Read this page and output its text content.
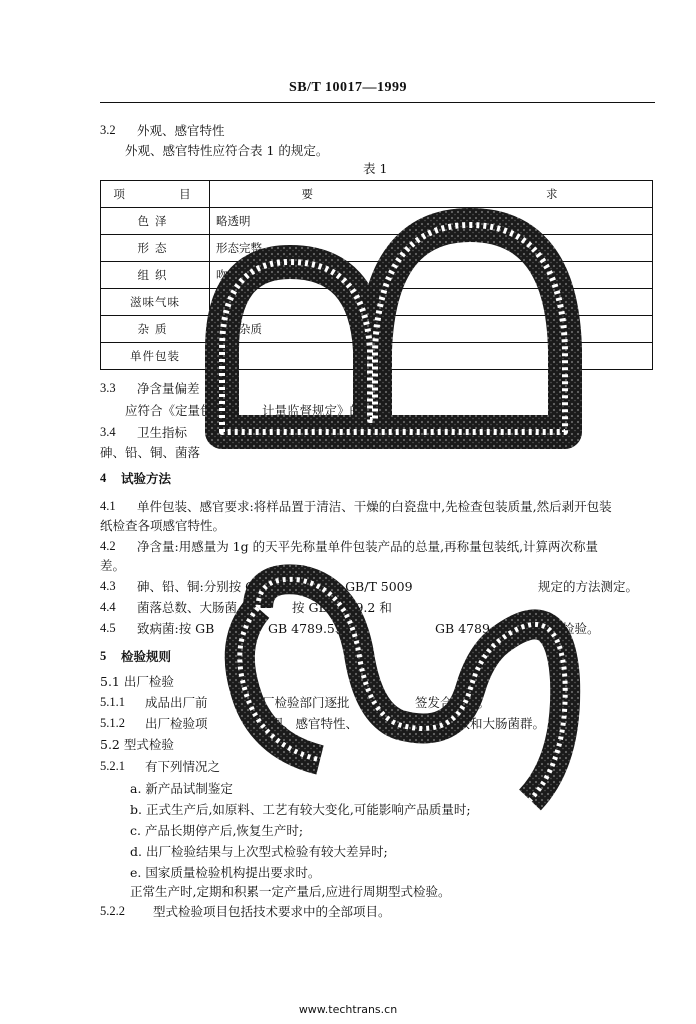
SB/T 10017—1999
3.2 外观、感官特性
外观、感官特性应符合表 1 的规定。
表 1
项 目	要 求
色泽	略透明
形态	形态完整
组织	吻
滋味气味	味
杂质	见的杂质
单件包装	破损
3.3 净含量偏差
应符合《定量包	计量监督规定》的
3.4 卫生指标
砷、铅、铜、菌落
4 试验方法
4.1 单件包装、感官要求:将样品置于清洁、干燥的白瓷盘中,先检查包装质量,然后剥开包装
纸检查各项感官特性。
4.2 净含量:用感量为 1g 的天平先称量单件包装产品的总量,再称量包装纸,计算两次称量
差。
4.3 砷、铅、铜:分别按 GB/T 5009.11、GB/T 5009	规定的方法测定。
4.4 菌落总数、大肠菌	按 GB 4789.2 和
4.5 致病菌:按 GB	GB 4789.5、GB	GB 4789.11	检验。
5 检验规则
5.1 出厂检验
5.1.1 成品出厂前	厂检验部门逐批	签发合格证。
5.1.2 出厂检验项	外观、感官特性、	菌落总数和大肠菌群。
5.2 型式检验
5.2.1 有下列情况之
a. 新产品试制鉴定
b. 正式生产后,如原料、工艺有较大变化,可能影响产品质量时;
c. 产品长期停产后,恢复生产时;
d. 出厂检验结果与上次型式检验有较大差异时;
e. 国家质量检验机构提出要求时。
正常生产时,定期和积累一定产量后,应进行周期型式检验。
5.2.2 型式检验项目包括技术要求中的全部项目。
www.techtrans.cn
